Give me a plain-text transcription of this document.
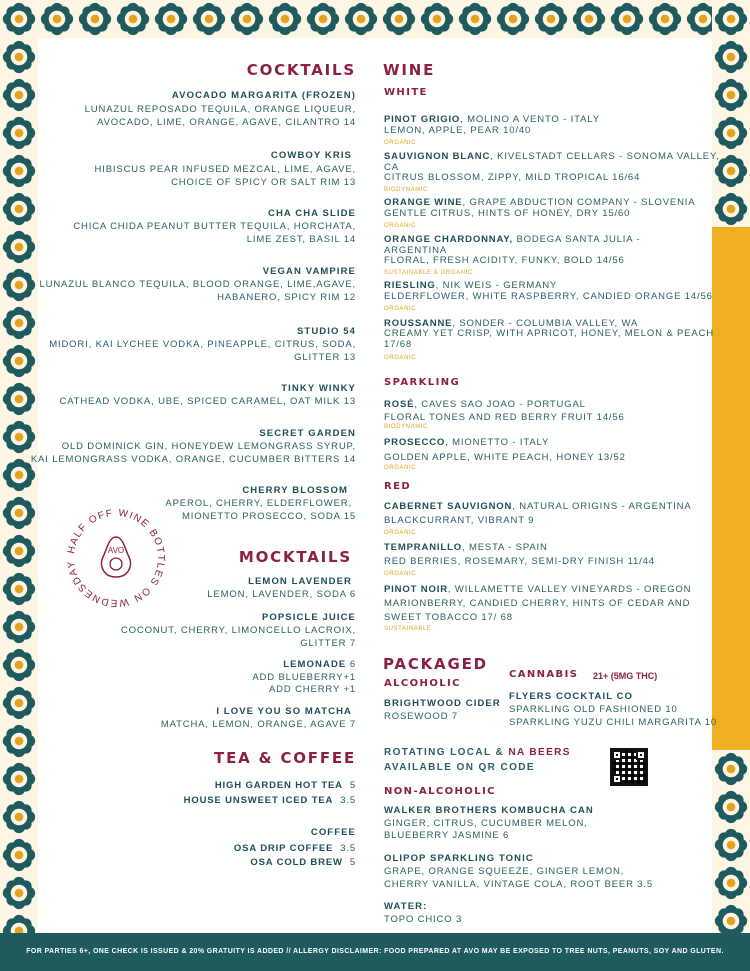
FOR PARTIES 6+, ONE CHECK IS ISSUED & 20% GRATUITY IS ADDED // ALLERGY DISCLAIMER: FOOD PREPARED AT AVO MAY BE EXPOSED TO TREE NUTS, PEANUTS, SOY AND GLUTEN.
COCKTAILS
AVOCADO MARGARITA (FROZEN)
LUNAZUL REPOSADO TEQUILA, ORANGE LIQUEUR,
AVOCADO, LIME, ORANGE, AGAVE, CILANTRO 14
COWBOY KRIS
HIBISCUS PEAR INFUSED MEZCAL, LIME, AGAVE,
CHOICE OF SPICY OR SALT RIM 13
CHA CHA SLIDE
CHICA CHIDA PEANUT BUTTER TEQUILA, HORCHATA,
LIME ZEST, BASIL 14
VEGAN VAMPIRE
LUNAZUL BLANCO TEQUILA, BLOOD ORANGE, LIME,AGAVE,
HABANERO, SPICY RIM 12
STUDIO 54
MIDORI, KAI LYCHEE VODKA, PINEAPPLE, CITRUS, SODA,
GLITTER 13
TINKY WINKY
CATHEAD VODKA, UBE, SPICED CARAMEL, OAT MILK 13
SECRET GARDEN
OLD DOMINICK GIN, HONEYDEW LEMONGRASS SYRUP,
KAI LEMONGRASS VODKA, ORANGE, CUCUMBER BITTERS 14
CHERRY BLOSSOM
APEROL, CHERRY, ELDERFLOWER,
MIONETTO PROSECCO, SODA 15
HALF OFF WINE BOTTLES ON WEDNESDAY
AVO	MOCKTAILS
LEMON LAVENDER
LEMON, LAVENDER, SODA 6
POPSICLE JUICE
COCONUT, CHERRY, LIMONCELLO LACROIX,
GLITTER 7
LEMONADE 6
ADD BLUEBERRY+1
ADD CHERRY +1
I LOVE YOU SO MATCHA
MATCHA, LEMON, ORANGE, AGAVE 7
TEA & COFFEE
HIGH GARDEN HOT TEA 5
HOUSE UNSWEET ICED TEA 3.5
COFFEE
OSA DRIP COFFEE 3.5
OSA COLD BREW 5
WINE
WHITE
PINOT GRIGIO, MOLINO A VENTO - ITALY
LEMON, APPLE, PEAR 10/40
ORGANIC
SAUVIGNON BLANC, KIVELSTADT CELLARS - SONOMA VALLEY,
CA
CITRUS BLOSSOM, ZIPPY, MILD TROPICAL 16/64
BIODYNAMIC
ORANGE WINE, GRAPE ABDUCTION COMPANY - SLOVENIA
GENTLE CITRUS, HINTS OF HONEY, DRY 15/60
ORGANIC
ORANGE CHARDONNAY, BODEGA SANTA JULIA -
ARGENTINA
FLORAL, FRESH ACIDITY, FUNKY, BOLD 14/56
SUSTAINABLE & ORGANIC
RIESLING, NIK WEIS - GERMANY
ELDERFLOWER, WHITE RASPBERRY, CANDIED ORANGE 14/56
ORGANIC
ROUSSANNE, SONDER - COLUMBIA VALLEY, WA
CREAMY YET CRISP, WITH APRICOT, HONEY, MELON & PEACH
17/68
ORGANIC
SPARKLING
ROSÉ, CAVES SAO JOAO - PORTUGAL
FLORAL TONES AND RED BERRY FRUIT 14/56
BIODYNAMIC
PROSECCO, MIONETTO - ITALY
GOLDEN APPLE, WHITE PEACH, HONEY 13/52
ORGANIC
RED
CABERNET SAUVIGNON, NATURAL ORIGINS - ARGENTINA
BLACKCURRANT, VIBRANT 9
ORGANIC
TEMPRANILLO, MESTA - SPAIN
RED BERRIES, ROSEMARY, SEMI-DRY FINISH 11/44
ORGANIC
PINOT NOIR, WILLAMETTE VALLEY VINEYARDS - OREGON
MARIONBERRY, CANDIED CHERRY, HINTS OF CEDAR AND
SWEET TOBACCO 17/ 68
SUSTAINABLE
PACKAGED
ALCOHOLIC
BRIGHTWOOD CIDER
ROSEWOOD 7
CANNABIS 21+ (5MG THC)
FLYERS COCKTAIL CO
SPARKLING OLD FASHIONED 10
SPARKLING YUZU CHILI MARGARITA 10
ROTATING LOCAL & NA BEERS
AVAILABLE ON QR CODE
NON-ALCOHOLIC
WALKER BROTHERS KOMBUCHA CAN
GINGER, CITRUS, CUCUMBER MELON,
BLUEBERRY JASMINE 6
OLIPOP SPARKLING TONIC
GRAPE, ORANGE SQUEEZE, GINGER LEMON,
CHERRY VANILLA, VINTAGE COLA, ROOT BEER 3.5
WATER:
TOPO CHICO 3
